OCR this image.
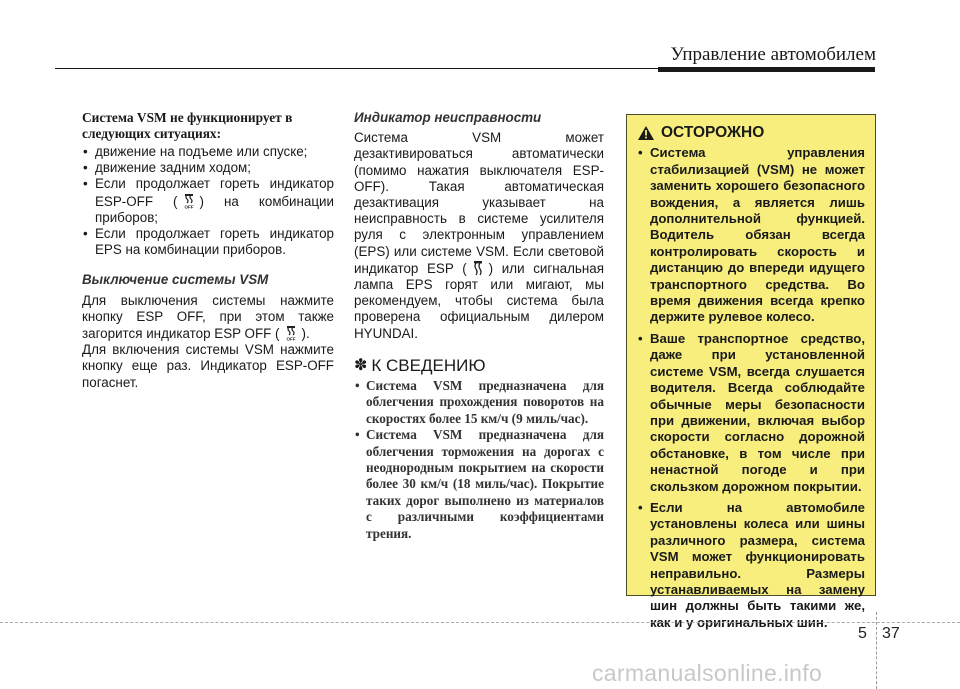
Управление автомобилем

Система VSM не функционирует в следующих ситуациях:

• движение на подъеме или спуске;
• движение задним ходом;
• Если продолжает гореть индикатор ESP-OFF ( OFF ) на комбинации приборов;
• Если продолжает гореть индикатор EPS на комбинации приборов.

Выключение системы VSM

Для выключения системы нажмите кнопку ESP OFF, при этом также загорится индикатор ESP OFF ( OFF ).

Для включения системы VSM нажмите кнопку еще раз. Индикатор ESP-OFF погаснет.

Индикатор неисправности

Система VSM может дезактивироваться автоматически (помимо нажатия выключателя ESP-OFF). Такая автоматическая дезактивация указывает на неисправность в системе усилителя руля с электронным управлением (EPS) или системе VSM. Если световой индикатор ESP ( ) или сигнальная лампа EPS горят или мигают, мы рекомендуем, чтобы система была проверена официальным дилером HYUNDAI.

✽ К СВЕДЕНИЮ
• Система VSM предназначена для облегчения прохождения поворотов на скоростях более 15 км/ч (9 миль/час).
• Система VSM предназначена для облегчения торможения на дорогах с неоднородным покрытием на скорости более 30 км/ч (18 миль/час). Покрытие таких дорог выполнено из материалов с различными коэффициентами трения.
ОСТОРОЖНО
• Система управления стабилизацией (VSM) не может заменить хорошего безопасного вождения, а является лишь дополнительной функцией. Водитель обязан всегда контролировать скорость и дистанцию до впереди идущего транспортного средства. Во время движения всегда крепко держите рулевое колесо.
• Ваше транспортное средство, даже при установленной системе VSM, всегда слушается водителя. Всегда соблюдайте обычные меры безопасности при движении, включая выбор скорости согласно дорожной обстановке, в том числе при ненастной погоде и при скользком дорожном покрытии.
• Если на автомобиле установлены колеса или шины различного размера, система VSM может функционировать неправильно. Размеры устанавливаемых на замену шин должны быть такими же, как и у оригинальных шин.
5 37
carmanualsonline.info
